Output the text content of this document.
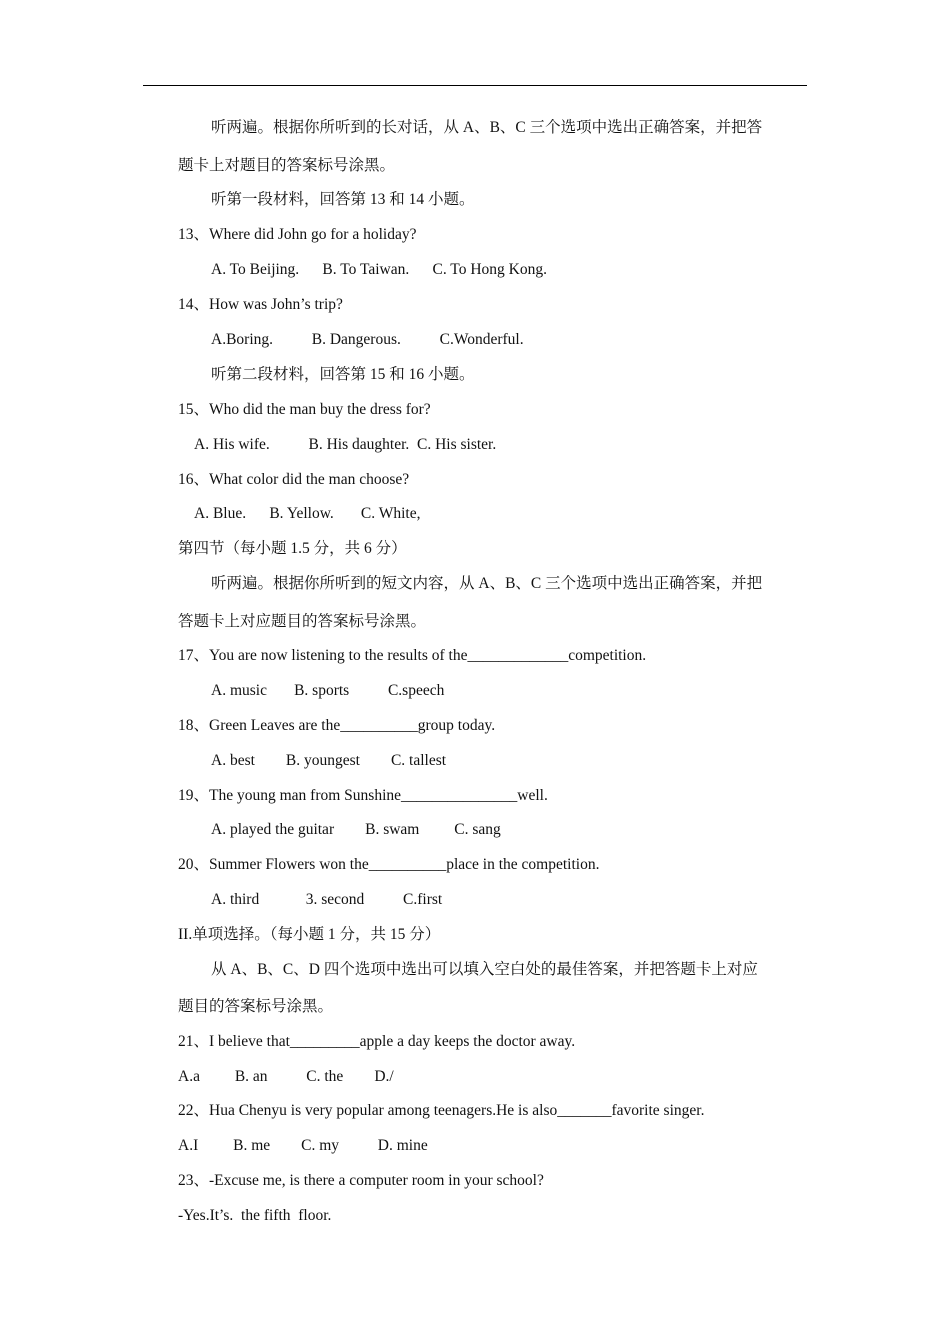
听两遍。根据你所听到的长对话，从 A、B、C 三个选项中选出正确答案，并把答
题卡上对题目的答案标号涂黑。
听第一段材料，回答第 13 和 14 小题。
13、Where did John go for a holiday?
A. To Beijing.      B. To Taiwan.      C. To Hong Kong.
14、How was John’s trip?
A.Boring.          B. Dangerous.          C.Wonderful.
听第二段材料，回答第 15 和 16 小题。
15、Who did the man buy the dress for?
A. His wife.          B. His daughter.  C. His sister.
16、What color did the man choose?
A. Blue.      B. Yellow.       C. White,
第四节（每小题 1.5 分，共 6 分）
听两遍。根据你所听到的短文内容，从 A、B、C 三个选项中选出正确答案，并把
答题卡上对应题目的答案标号涂黑。
17、You are now listening to the results of the_____________competition.
A. music       B. sports          C.speech
18、Green Leaves are the__________group today.
A. best        B. youngest        C. tallest
19、The young man from Sunshine_______________well.
A. played the guitar        B. swam         C. sang
20、Summer Flowers won the__________place in the competition.
A. third            3. second          C.first
II.单项选择。（每小题 1 分，共 15 分）
从 A、B、C、D 四个选项中选出可以填入空白处的最佳答案，并把答题卡上对应
题目的答案标号涂黑。
21、I believe that_________apple a day keeps the doctor away.
A.a         B. an          C. the        D./
22、Hua Chenyu is very popular among teenagers.He is also_______favorite singer.
A.I         B. me        C. my          D. mine
23、-Excuse me, is there a computer room in your school?
-Yes.It’s.  the fifth  floor.
